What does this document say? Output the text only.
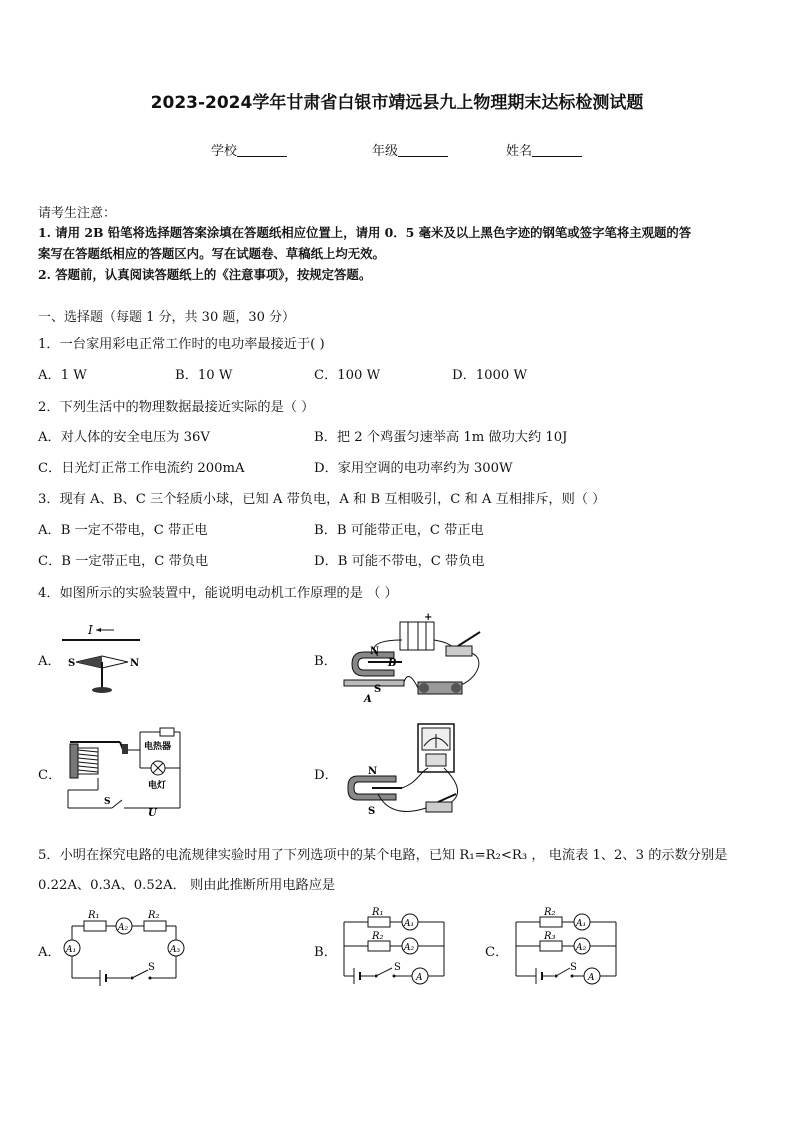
2023-2024学年甘肃省白银市靖远县九上物理期末达标检测试题
学校	年级	姓名
请考生注意：
1. 请用 2B 铅笔将选择题答案涂填在答题纸相应位置上，请用 0．5 毫米及以上黑色字迹的钢笔或签字笔将主观题的答
案写在答题纸相应的答题区内。写在试题卷、草稿纸上均无效。
2. 答题前，认真阅读答题纸上的《注意事项》，按规定答题。
一、选择题（每题 1 分，共 30 题，30 分）
1．一台家用彩电正常工作时的电功率最接近于( )
A．1 W	B．10 W	C．100 W	D．1000 W
2．下列生活中的物理数据最接近实际的是（ ）
A．对人体的安全电压为 36V	B．把 2 个鸡蛋匀速举高 1m 做功大约 10J
C．日光灯正常工作电流约 200mA	D．家用空调的电功率约为 300W
3．现有 A、B、C 三个轻质小球，已知 A 带负电，A 和 B 互相吸引，C 和 A 互相排斥，则（ ）
A．B 一定不带电，C 带正电	B．B 可能带正电，C 带正电
C．B 一定带正电，C 带负电	D．B 可能不带电，C 带负电
4．如图所示的实验装置中，能说明电动机工作原理的是 （ ）
A．	B．
C．	D．
I
S	N
+
N
B
S
A
电热器
电灯
S
U
N
S
5．小明在探究电路的电流规律实验时用了下列选项中的某个电路，已知 R₁=R₂<R₃ ， 电流表 1、2、3 的示数分别是
0.22A、0.3A、0.52A． 则由此推断所用电路应是
A．	B．	C．
R₁
A₂
R₂
A₁	A₃
S
R₁
A₁
R₂
A₂
S
A
R₂
A₁
R₃
A₂
S
A
